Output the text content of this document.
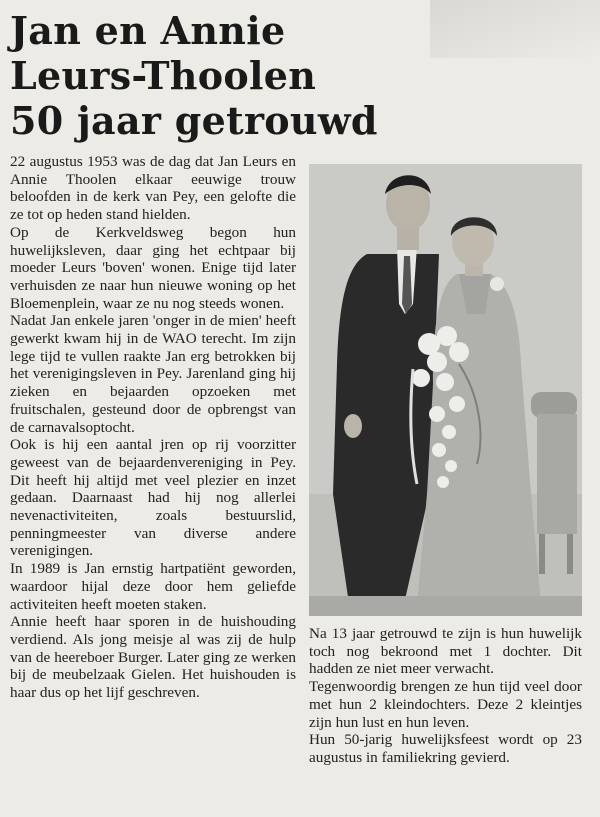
Jan en Annie
Leurs-Thoolen
50 jaar getrouwd

22 augustus 1953 was de dag dat Jan Leurs en Annie Thoolen elkaar eeuwige trouw beloofden in de kerk van Pey, een gelofte die ze tot op heden stand hielden.

Op de Kerkveldsweg begon hun huwelijksleven, daar ging het echtpaar bij moeder Leurs 'boven' wonen. Enige tijd later verhuisden ze naar hun nieuwe woning op het Bloemenplein, waar ze nu nog steeds wonen.

Nadat Jan enkele jaren 'onger in de mien' heeft gewerkt kwam hij in de WAO terecht. Im zijn lege tijd te vullen raakte Jan erg betrokken bij het verenigingsleven in Pey. Jarenland ging hij zieken en bejaarden opzoeken met fruitschalen, gesteund door de opbrengst van de carnavalsoptocht.

Ook is hij een aantal jren op rij voorzitter geweest van de bejaardenvereniging in Pey. Dit heeft hij altijd met veel plezier en inzet gedaan. Daarnaast had hij nog allerlei nevenactiviteiten, zoals bestuurslid, penningmeester van diverse andere verenigingen.

In 1989 is Jan ernstig hartpatiënt geworden, waardoor hijal deze door hem geliefde activiteiten heeft moeten staken.

Annie heeft haar sporen in de huishouding verdiend. Als jong meisje al was zij de hulp van de heereboer Burger. Later ging ze werken bij de meubelzaak Gielen. Het huishouden is haar dus op het lijf geschreven.

Na 13 jaar getrouwd te zijn is hun huwelijk toch nog bekroond met 1 dochter. Dit hadden ze niet meer verwacht.

Tegenwoordig brengen ze hun tijd veel door met hun 2 kleindochters. Deze 2 kleintjes zijn hun lust en hun leven.

Hun 50-jarig huwelijksfeest wordt op 23 augustus in familiekring gevierd.
